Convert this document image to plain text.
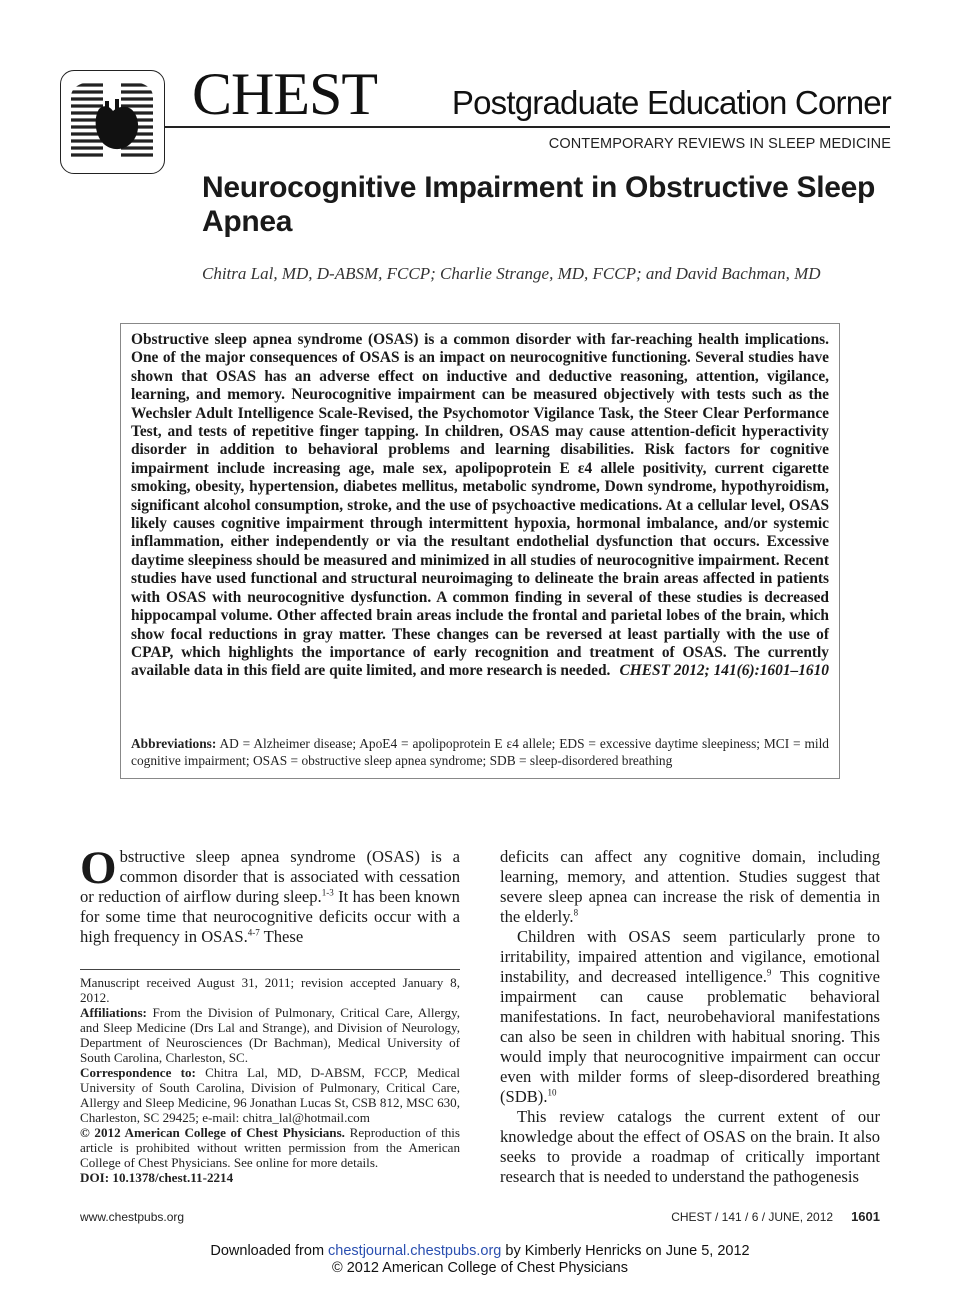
CHEST Postgraduate Education Corner
CONTEMPORARY REVIEWS IN SLEEP MEDICINE
Neurocognitive Impairment in Obstructive Sleep Apnea
Chitra Lal, MD, D-ABSM, FCCP; Charlie Strange, MD, FCCP; and David Bachman, MD
Obstructive sleep apnea syndrome (OSAS) is a common disorder with far-reaching health implications. One of the major consequences of OSAS is an impact on neurocognitive functioning. Several studies have shown that OSAS has an adverse effect on inductive and deductive reasoning, attention, vigilance, learning, and memory. Neurocognitive impairment can be measured objectively with tests such as the Wechsler Adult Intelligence Scale-Revised, the Psychomotor Vigilance Task, the Steer Clear Performance Test, and tests of repetitive finger tapping. In children, OSAS may cause attention-deficit hyperactivity disorder in addition to behavioral problems and learning disabilities. Risk factors for cognitive impairment include increasing age, male sex, apolipoprotein E ε4 allele positivity, current cigarette smoking, obesity, hypertension, diabetes mellitus, metabolic syndrome, Down syndrome, hypothyroidism, significant alcohol consumption, stroke, and the use of psychoactive medications. At a cellular level, OSAS likely causes cognitive impairment through intermittent hypoxia, hormonal imbalance, and/or systemic inflammation, either independently or via the resultant endothelial dysfunction that occurs. Excessive daytime sleepiness should be measured and minimized in all studies of neurocognitive impairment. Recent studies have used functional and structural neuroimaging to delineate the brain areas affected in patients with OSAS with neurocognitive dysfunction. A common finding in several of these studies is decreased hippocampal volume. Other affected brain areas include the frontal and parietal lobes of the brain, which show focal reductions in gray matter. These changes can be reversed at least partially with the use of CPAP, which highlights the importance of early recognition and treatment of OSAS. The currently available data in this field are quite limited, and more research is needed. CHEST 2012; 141(6):1601–1610
Abbreviations: AD = Alzheimer disease; ApoE4 = apolipoprotein E ε4 allele; EDS = excessive daytime sleepiness; MCI = mild cognitive impairment; OSAS = obstructive sleep apnea syndrome; SDB = sleep-disordered breathing

Obstructive sleep apnea syndrome (OSAS) is a common disorder that is associated with cessation or reduction of airflow during sleep.$^{1-3}$ It has been known for some time that neurocognitive deficits occur with a high frequency in OSAS.$^{4-7}$ These

Manuscript received August 31, 2011; revision accepted January 8, 2012.

Affiliations: From the Division of Pulmonary, Critical Care, Allergy, and Sleep Medicine (Drs Lal and Strange), and Division of Neurology, Department of Neurosciences (Dr Bachman), Medical University of South Carolina, Charleston, SC.

Correspondence to: Chitra Lal, MD, D-ABSM, FCCP, Medical University of South Carolina, Division of Pulmonary, Critical Care, Allergy and Sleep Medicine, 96 Jonathan Lucas St, CSB 812, MSC 630, Charleston, SC 29425; e-mail: chitra_lal@hotmail.com

© 2012 American College of Chest Physicians. Reproduction of this article is prohibited without written permission from the American College of Chest Physicians. See online for more details.

DOI: 10.1378/chest.11-2214

deficits can affect any cognitive domain, including learning, memory, and attention. Studies suggest that severe sleep apnea can increase the risk of dementia in the elderly.$^8$

Children with OSAS seem particularly prone to irritability, impaired attention and vigilance, emotional instability, and decreased intelligence.$^9$ This cognitive impairment can cause problematic behavioral manifestations. In fact, neurobehavioral manifestations can also be seen in children with habitual snoring. This would imply that neurocognitive impairment can occur even with milder forms of sleep-disordered breathing (SDB).$^{10}$

This review catalogs the current extent of our knowledge about the effect of OSAS on the brain. It also seeks to provide a roadmap of critically important research that is needed to understand the pathogenesis

www.chestpubs.org	CHEST / 141 / 6 / JUNE, 2012 1601
Downloaded from chestjournal.chestpubs.org by Kimberly Henricks on June 5, 2012
© 2012 American College of Chest Physicians
